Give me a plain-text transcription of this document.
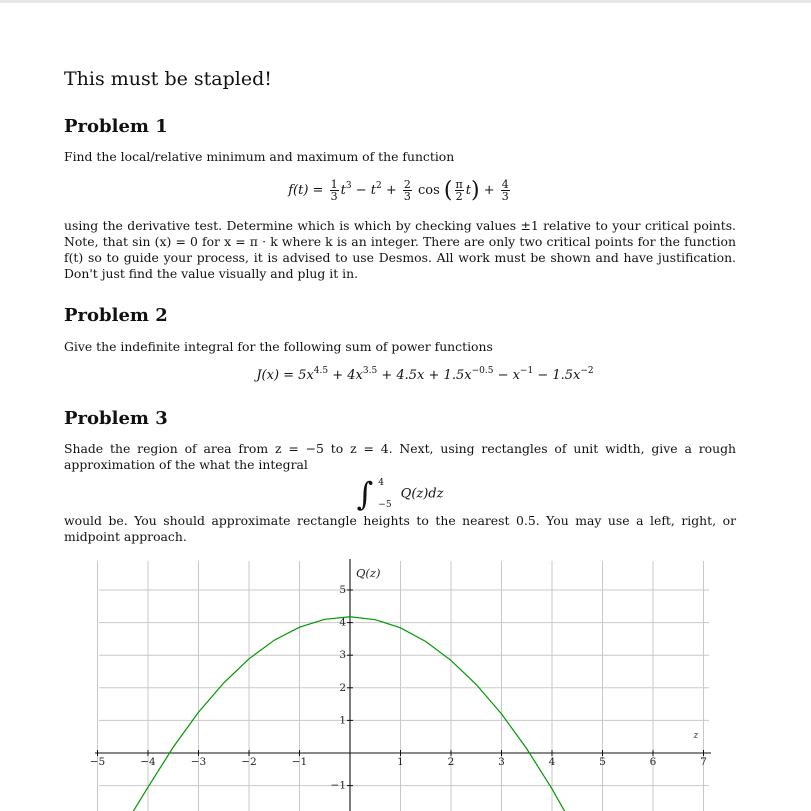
This must be stapled!
Problem 1
Find the local/relative minimum and maximum of the function
$f(t) = \frac{1}{3} t^3 - t^2 + \frac{2}{3}$ cos ( $\frac{\pi}{2} t) + \frac{4}{3}$
using the derivative test. Determine which is which by checking values ±1 relative to your critical points. Note, that sin (x) = 0 for x = π · k where k is an integer. There are only two critical points for the function f(t) so to guide your process, it is advised to use Desmos. All work must be shown and have justification. Don't just find the value visually and plug it in.
Problem 2
Give the indefinite integral for the following sum of power functions
$J(x) = 5x^{4.5} + 4x^{3.5} + 4.5x + 1.5x^{-0.5} - x^{-1} - 1.5x^{-2}$
Problem 3
Shade the region of area from z = −5 to z = 4. Next, using rectangles of unit width, give a rough approximation of the what the integral
∫ 4
−5
Q(z)dz
would be. You should approximate rectangle heights to the nearest 0.5. You may use a left, right, or midpoint approach.
−5	−4	−3	−2	−1	1	2	3	4	5	6	7
−1
1
2
3
4
5
Q(z)
z
